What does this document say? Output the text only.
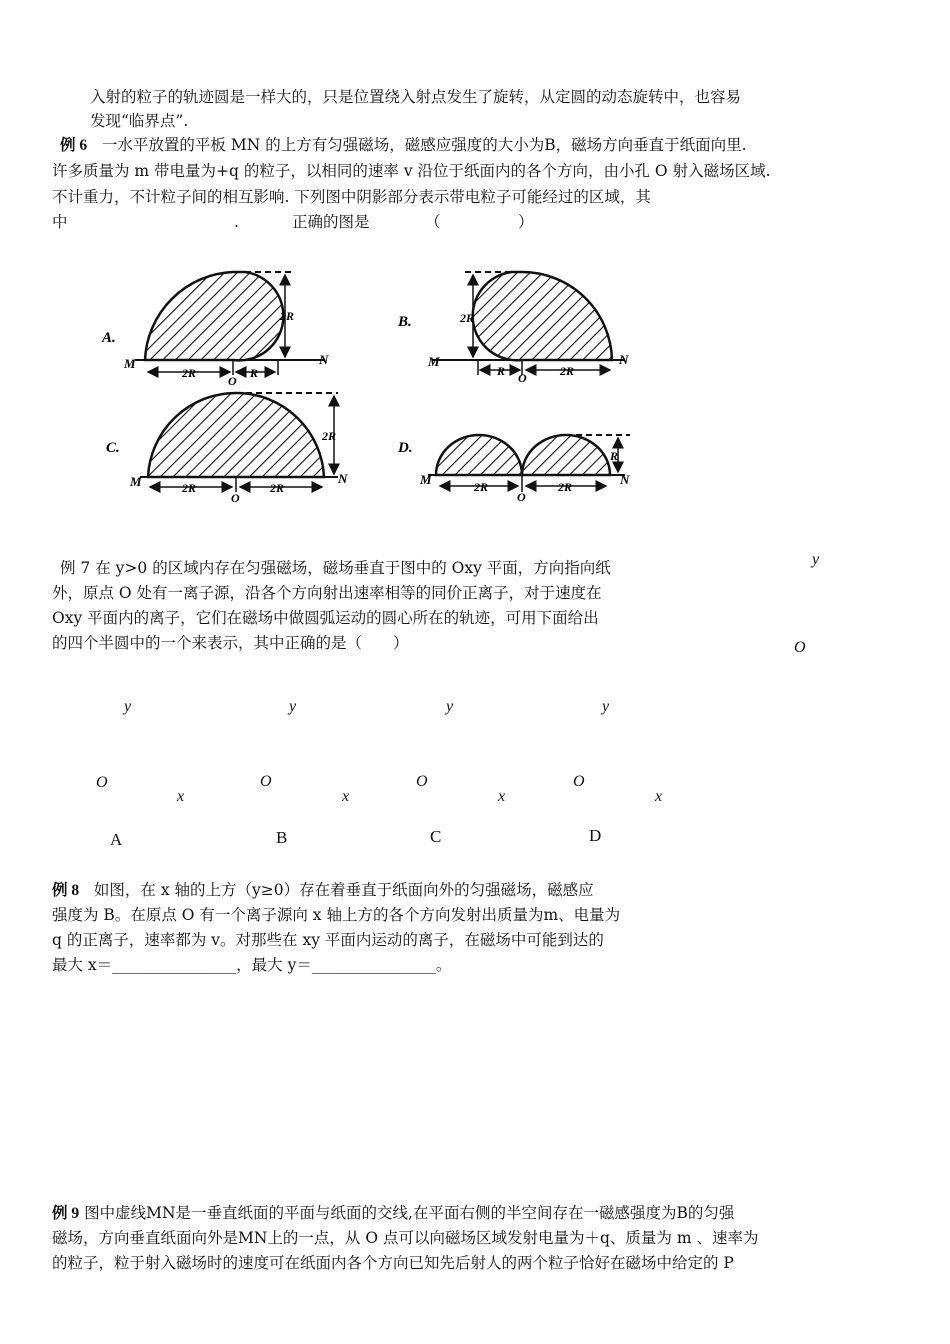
入射的粒子的轨迹圆是一样大的，只是位置绕入射点发生了旋转，从定圆的动态旋转中，也容易
发现“临界点”.
例 6 一水平放置的平板 MN 的上方有匀强磁场，磁感应强度的大小为B，磁场方向垂直于纸面向里.
许多质量为 m 带电量为+q 的粒子，以相同的速率 v 沿位于纸面内的各个方向，由小孔 O 射入磁场区域.
不计重力，不计粒子间的相互影响. 下列图中阴影部分表示带电粒子可能经过的区域，其
中	.	正确的图是	（　　　　　）
A.
M	N
O
2R	R
2R	B.
M	N
O
R	2R
2R
C.
M	N
O
2R	2R
2R
D.
M	N
O
2R	2R
R
例 7 在 y>0 的区域内存在匀强磁场，磁场垂直于图中的 Oxy 平面，方向指向纸
外，原点 O 处有一离子源，沿各个方向射出速率相等的同价正离子，对于速度在
Oxy 平面内的离子，它们在磁场中做圆弧运动的圆心所在的轨迹，可用下面给出
的四个半圆中的一个来表示，其中正确的是（　　）
y
O
y
O
x
A
y
O
x
B
y
O
x
C
y
O
x
D
例 8 如图，在 x 轴的上方（y≥0）存在着垂直于纸面向外的匀强磁场，磁感应
强度为 B。在原点 O 有一个离子源向 x 轴上方的各个方向发射出质量为m、电量为
q 的正离子，速率都为 v。对那些在 xy 平面内运动的离子，在磁场中可能到达的
最大 x＝________________，最大 y＝________________。
例 9 图中虚线MN是一垂直纸面的平面与纸面的交线,在平面右侧的半空间存在一磁感强度为B的匀强
磁场，方向垂直纸面向外是MN上的一点，从 O 点可以向磁场区域发射电量为＋q、质量为 m 、速率为
的粒子，粒于射入磁场时的速度可在纸面内各个方向已知先后射人的两个粒子恰好在磁场中给定的 P
